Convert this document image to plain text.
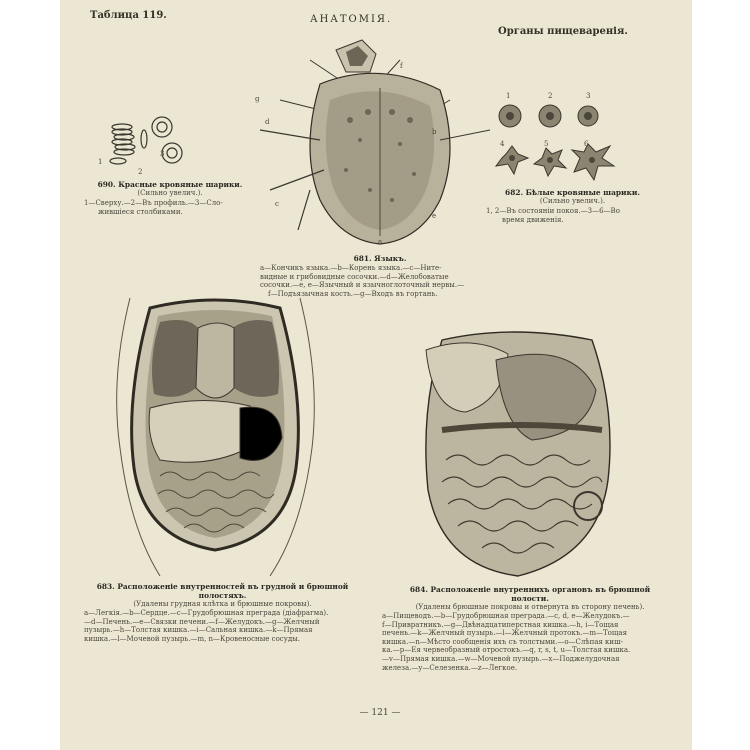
Таблица 119.	АНАТОМІЯ.
Органы пищеваренія.
1
2
3
690. Красные кровяные шарики.
(Сильно увелич.).
1—Сверху.—2—Въ профиль.—3—Сло-
жившіеся столбиками.
g
d
c
f
b
e
a
681. Языкъ.
a—Кончикъ языка.—b—Корень языка.—c—Нитe-
видные и грибовидные сосочки.—d—Желобоватые
сосочки.—e, e—Язычный и язычноглоточный нервы.—
f—Подъязычная кость.—g—Входъ въ гортань.
1	2	3
4	5	6
682. Бѣлые кровяные шарики.
(Сильно увелич.).
1, 2—Въ состояніи покоя.—3—6—Во
время движенія.
683. Расположеніе внутренностей въ грудной и брюшной
полостяхъ.
(Удалены грудная клѣтка и брюшные покровы).
a—Легкія.—b—Сердце.—c—Грудобрюшная преграда (діафрагма).
—d—Печень.—e—Связки печени.—f—Желудокъ.—g—Желчный
пузырь.—h—Толстая кишка.—i—Сальная кишка.—k—Прямая
кишка.—l—Мочевой пузырь.—m, n—Кровеносные сосуды.
684. Расположеніе внутреннихъ органовъ въ брюшной
полости.
(Удалены брюшные покровы и отвернута въ сторону печень).
a—Пищеводъ.—b—Грудобрюшная преграда.—c, d, e—Желудокъ.—
f—Привратникъ.—g—Двѣнадцатиперстная кишка.—h, i—Тощая
печень.—k—Желчный пузырь.—l—Желчный протокъ.—m—Тощая
кишка.—n—Мѣсто сообщенія ихъ съ толстыми.—o—Слѣпая киш-
ка.—p—Ея червеобразный отростокъ.—q, r, s, t, u—Толстая кишка.
—v—Прямая кишка.—w—Мочевой пузырь.—x—Поджелудочная
железа.—y—Селезенка.—z—Легкое.
— 121 —
